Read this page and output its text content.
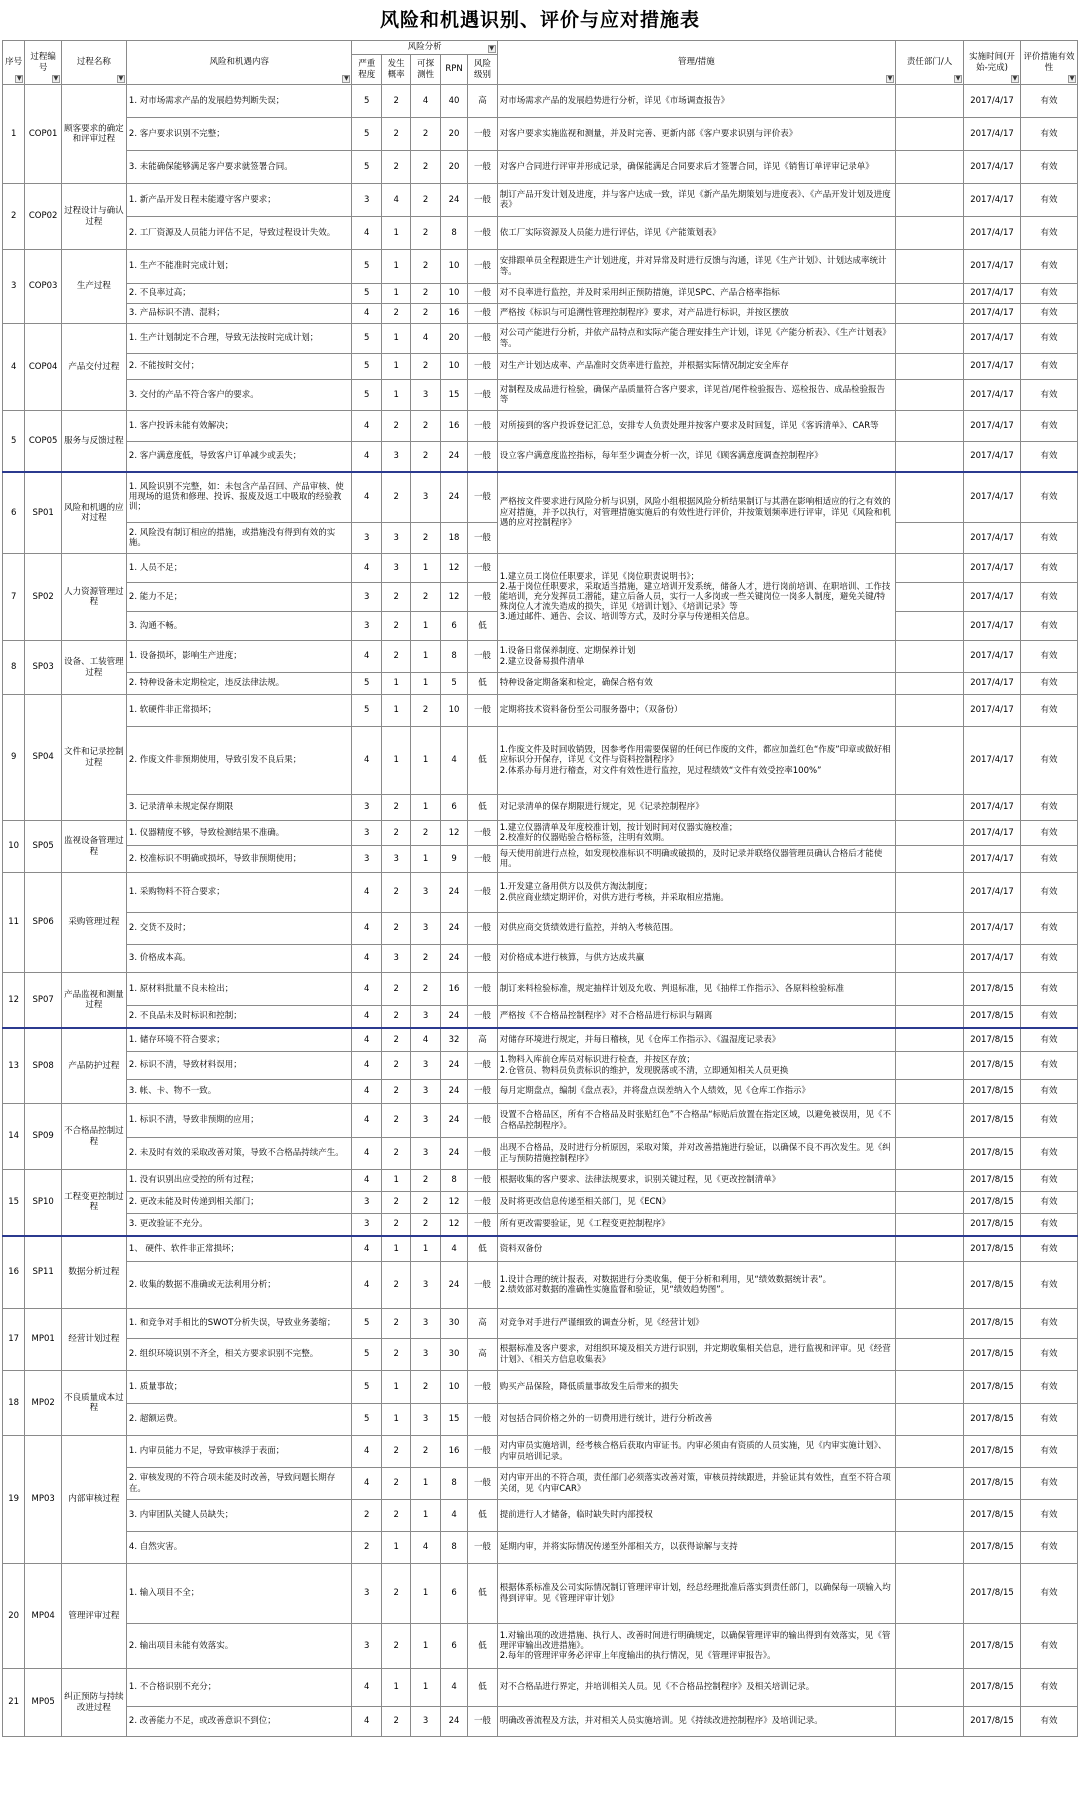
风险和机遇识别、评价与应对措施表
序号
▼	过程编号
▼	过程名称
▼	风险和机遇内容
▼	风险分析
▼					管理/措施
▼	责任部门/人
▼	实施时间(开始-完成)
▼	评价措施有效性
▼

				严重程度	发生概率	可探测性	RPN	风险级别				
1	COP01	顾客要求的确定和评审过程	1. 对市场需求产品的发展趋势判断失误；	5	2	4	40	高	对市场需求产品的发展趋势进行分析，详见《市场调查报告》		2017/4/17	有效
			2. 客户要求识别不完整；	5	2	2	20	一般	对客户要求实施监视和测量，并及时完善、更新内部《客户要求识别与评价表》		2017/4/17	有效
			3. 未能确保能够满足客户要求就签署合同。	5	2	2	20	一般	对客户合同进行评审并形成记录，确保能满足合同要求后才签署合同，详见《销售订单评审记录单》		2017/4/17	有效
2	COP02	过程设计与确认过程	1. 新产品开发日程未能遵守客户要求；	3	4	2	24	一般	制订产品开发计划及进度，并与客户达成一致，详见《新产品先期策划与进度表》、《产品开发计划及进度表》		2017/4/17	有效
			2. 工厂资源及人员能力评估不足，导致过程设计失效。	4	1	2	8	一般	依工厂实际资源及人员能力进行评估，详见《产能策划表》		2017/4/17	有效
3	COP03	生产过程	1. 生产不能准时完成计划；	5	1	2	10	一般	安排跟单员全程跟进生产计划进度，并对异常及时进行反馈与沟通，详见《生产计划》、计划达成率统计等。		2017/4/17	有效
			2. 不良率过高；	5	1	2	10	一般	对不良率进行监控，并及时采用纠正预防措施，详见SPC、产品合格率指标		2017/4/17	有效
			3. 产品标识不清、混料；	4	2	2	16	一般	严格按《标识与可追溯性管理控制程序》要求，对产品进行标识，并按区摆放		2017/4/17	有效
4	COP04	产品交付过程	1. 生产计划制定不合理，导致无法按时完成计划；	5	1	4	20	一般	对公司产能进行分析，并依产品特点和实际产能合理安排生产计划，详见《产能分析表》、《生产计划表》等。		2017/4/17	有效
			2. 不能按时交付；	5	1	2	10	一般	对生产计划达成率、产品准时交货率进行监控，并根据实际情况制定安全库存		2017/4/17	有效
			3. 交付的产品不符合客户的要求。	5	1	3	15	一般	对制程及成品进行检验，确保产品质量符合客户要求，详见首/尾件检验报告、巡检报告、成品检验报告等		2017/4/17	有效
5	COP05	服务与反馈过程	1. 客户投诉未能有效解决；	4	2	2	16	一般	对所接到的客户投诉登记汇总，安排专人负责处理并按客户要求及时回复，详见《客诉清单》、CAR等		2017/4/17	有效
			2. 客户满意度低，导致客户订单减少或丢失；	4	3	2	24	一般	设立客户满意度监控指标，每年至少调查分析一次，详见《顾客满意度调查控制程序》		2017/4/17	有效
6	SP01	风险和机遇的应对过程	1. 风险识别不完整，如：未包含产品召回、产品审核、使用现场的退货和修理、投诉、报废及返工中吸取的经验教训；	4	2	3	24	一般	严格按文件要求进行风险分析与识别，风险小组根据风险分析结果制订与其潜在影响相适应的行之有效的应对措施，并予以执行，对管理措施实施后的有效性进行评价，并按策划频率进行评审，详见《风险和机遇的应对控制程序》		2017/4/17	有效
			2. 风险没有制订相应的措施，或措施没有得到有效的实施。	3	3	2	18	一般			2017/4/17	有效
7	SP02	人力资源管理过程	1. 人员不足；	4	3	1	12	一般	1.建立员工岗位任职要求，详见《岗位职责说明书》；
2.基于岗位任职要求，采取适当措施，建立培训开发系统，储备人才，进行岗前培训、在职培训、工作技能培训，充分发挥员工潜能，建立后备人员，实行一人多岗或一些关键岗位一岗多人制度，避免关键/特殊岗位人才流失造成的损失，详见《培训计划》、《培训记录》等
3.通过邮件、通告、会议、培训等方式，及时分享与传递相关信息。		2017/4/17	有效
			2. 能力不足；	3	2	2	12	一般			2017/4/17	有效
			3. 沟通不畅。	3	2	1	6	低			2017/4/17	有效
8	SP03	设备、工装管理过程	1. 设备损坏，影响生产进度；	4	2	1	8	一般	1.设备日常保养制度、定期保养计划
2.建立设备易损件清单		2017/4/17	有效
			2. 特种设备未定期检定，违反法律法规。	5	1	1	5	低	特种设备定期备案和检定，确保合格有效		2017/4/17	有效
9	SP04	文件和记录控制过程	1. 软硬件非正常损坏；	5	1	2	10	一般	定期将技术资料备份至公司服务器中；（双备份）		2017/4/17	有效
			2. 作废文件非预期使用，导致引发不良后果；	4	1	1	4	低	1.作废文件及时回收销毁，因参考作用需要保留的任何已作废的文件，都应加盖红色“作废”印章或做好相应标识分开保存，详见《文件与资料控制程序》
2.体系办每月进行稽查，对文件有效性进行监控，见过程绩效“文件有效受控率100%”		2017/4/17	有效
			3. 记录清单未规定保存期限	3	2	1	6	低	对记录清单的保存期限进行规定，见《记录控制程序》		2017/4/17	有效
10	SP05	监视设备管理过程	1. 仪器精度不够，导致检测结果不准确。	3	2	2	12	一般	1.建立仪器清单及年度校准计划，按计划时间对仪器实施校准；
2.校准好的仪器贴验合格标签，注明有效期。		2017/4/17	有效
			2. 校准标识不明确或损坏，导致非预期使用；	3	3	1	9	一般	每天使用前进行点检，如发现校准标识不明确或破损的，及时记录并联络仪器管理员确认合格后才能使用。		2017/4/17	有效
11	SP06	采购管理过程	1. 采购物料不符合要求；	4	2	3	24	一般	1.开发建立备用供方以及供方淘汰制度；
2.供应商业绩定期评价，对供方进行考核，并采取相应措施。		2017/4/17	有效
			2. 交货不及时；	4	2	3	24	一般	对供应商交货绩效进行监控，并纳入考核范围。		2017/4/17	有效
			3. 价格成本高。	4	3	2	24	一般	对价格成本进行核算，与供方达成共赢		2017/4/17	有效
12	SP07	产品监视和测量过程	1. 原材料批量不良未检出；	4	2	2	16	一般	制订来料检验标准，规定抽样计划及允收、判退标准，见《抽样工作指示》、各原料检验标准		2017/8/15	有效
			2. 不良品未及时标识和控制；	4	2	3	24	一般	严格按《不合格品控制程序》对不合格品进行标识与隔离		2017/8/15	有效
13	SP08	产品防护过程	1. 储存环境不符合要求；	4	2	4	32	高	对储存环境进行规定，并每日稽核，见《仓库工作指示》、《温湿度记录表》		2017/8/15	有效
			2. 标识不清，导致材料误用；	4	2	3	24	一般	1.物料入库前仓库员对标识进行检查，并按区存放；
2.仓管员、物料员负责标识的维护，发现脱落或不清，立即通知相关人员更换		2017/8/15	有效
			3. 帐、卡、物不一致。	4	2	3	24	一般	每月定期盘点，编制《盘点表》，并将盘点误差纳入个人绩效，见《仓库工作指示》		2017/8/15	有效
14	SP09	不合格品控制过程	1. 标识不清，导致非预期的应用；	4	2	3	24	一般	设置不合格品区，所有不合格品及时张贴红色”不合格品“标贴后放置在指定区域，以避免被误用，见《不合格品控制程序》。		2017/8/15	有效
			2. 未及时有效的采取改善对策，导致不合格品持续产生。	4	2	3	24	一般	出现不合格品，及时进行分析原因，采取对策，并对改善措施进行验证，以确保不良不再次发生。见《纠正与预防措施控制程序》		2017/8/15	有效
15	SP10	工程变更控制过程	1. 没有识别出应受控的所有过程；	4	1	2	8	一般	根据收集的客户要求、法律法规要求，识别关键过程，见《更改控制清单》		2017/8/15	有效
			2. 更改未能及时传递到相关部门；	3	2	2	12	一般	及时将更改信息传递至相关部门，见《ECN》		2017/8/15	有效
			3. 更改验证不充分。	3	2	2	12	一般	所有更改需要验证，见《工程变更控制程序》		2017/8/15	有效
16	SP11	数据分析过程	1、 硬件、软件非正常损坏；	4	1	1	4	低	资料双备份		2017/8/15	有效
			2. 收集的数据不准确或无法利用分析；	4	2	3	24	一般	1.设计合理的统计报表，对数据进行分类收集，便于分析和利用，见“绩效数据统计表”。
2.绩效部对数据的准确性实施监督和验证，见“绩效趋势图”。		2017/8/15	有效
17	MP01	经营计划过程	1. 和竞争对手相比的SWOT分析失误，导致业务萎缩；	5	2	3	30	高	对竞争对手进行严谨细致的调查分析，见《经营计划》		2017/8/15	有效
			2. 组织环境识别不齐全，相关方要求识别不完整。	5	2	3	30	高	根据标准及客户要求，对组织环境及相关方进行识别，并定期收集相关信息，进行监视和评审。见《经营计划》、《相关方信息收集表》		2017/8/15	有效
18	MP02	不良质量成本过程	1. 质量事故；	5	1	2	10	一般	购买产品保险，降低质量事故发生后带来的损失		2017/8/15	有效
			2. 超额运费。	5	1	3	15	一般	对包括合同价格之外的一切费用进行统计，进行分析改善		2017/8/15	有效
19	MP03	内部审核过程	1. 内审员能力不足，导致审核浮于表面；	4	2	2	16	一般	对内审员实施培训，经考核合格后获取内审证书。内审必须由有资质的人员实施，见《内审实施计划》、内审员培训记录。		2017/8/15	有效
			2. 审核发现的不符合项未能及时改善，导致问题长期存在。	4	2	1	8	一般	对内审开出的不符合项，责任部门必须落实改善对策，审核员持续跟进，并验证其有效性，直至不符合项关闭，见《内审CAR》		2017/8/15	有效
			3. 内审团队关键人员缺失；	2	2	1	4	低	提前进行人才储备，临时缺失时内部授权		2017/8/15	有效
			4. 自然灾害。	2	1	4	8	一般	延期内审，并将实际情况传递至外部相关方，以获得谅解与支持		2017/8/15	有效
20	MP04	管理评审过程	1. 输入项目不全；	3	2	1	6	低	根据体系标准及公司实际情况制订管理评审计划，经总经理批准后落实到责任部门，以确保每一项输入均得到评审。见《管理评审计划》		2017/8/15	有效
			2. 输出项目未能有效落实。	3	2	1	6	低	1.对输出项的改进措施、执行人、改善时间进行明确规定，以确保管理评审的输出得到有效落实，见《管理评审输出改进措施》。
2.每年的管理评审务必评审上年度输出的执行情况，见《管理评审报告》。		2017/8/15	有效
21	MP05	纠正预防与持续改进过程	1. 不合格识别不充分；	4	1	1	4	低	对不合格品进行界定，并培训相关人员。见《不合格品控制程序》及相关培训记录。		2017/8/15	有效
			2. 改善能力不足，或改善意识不到位；	4	2	3	24	一般	明确改善流程及方法，并对相关人员实施培训。见《持续改进控制程序》及培训记录。		2017/8/15	有效
